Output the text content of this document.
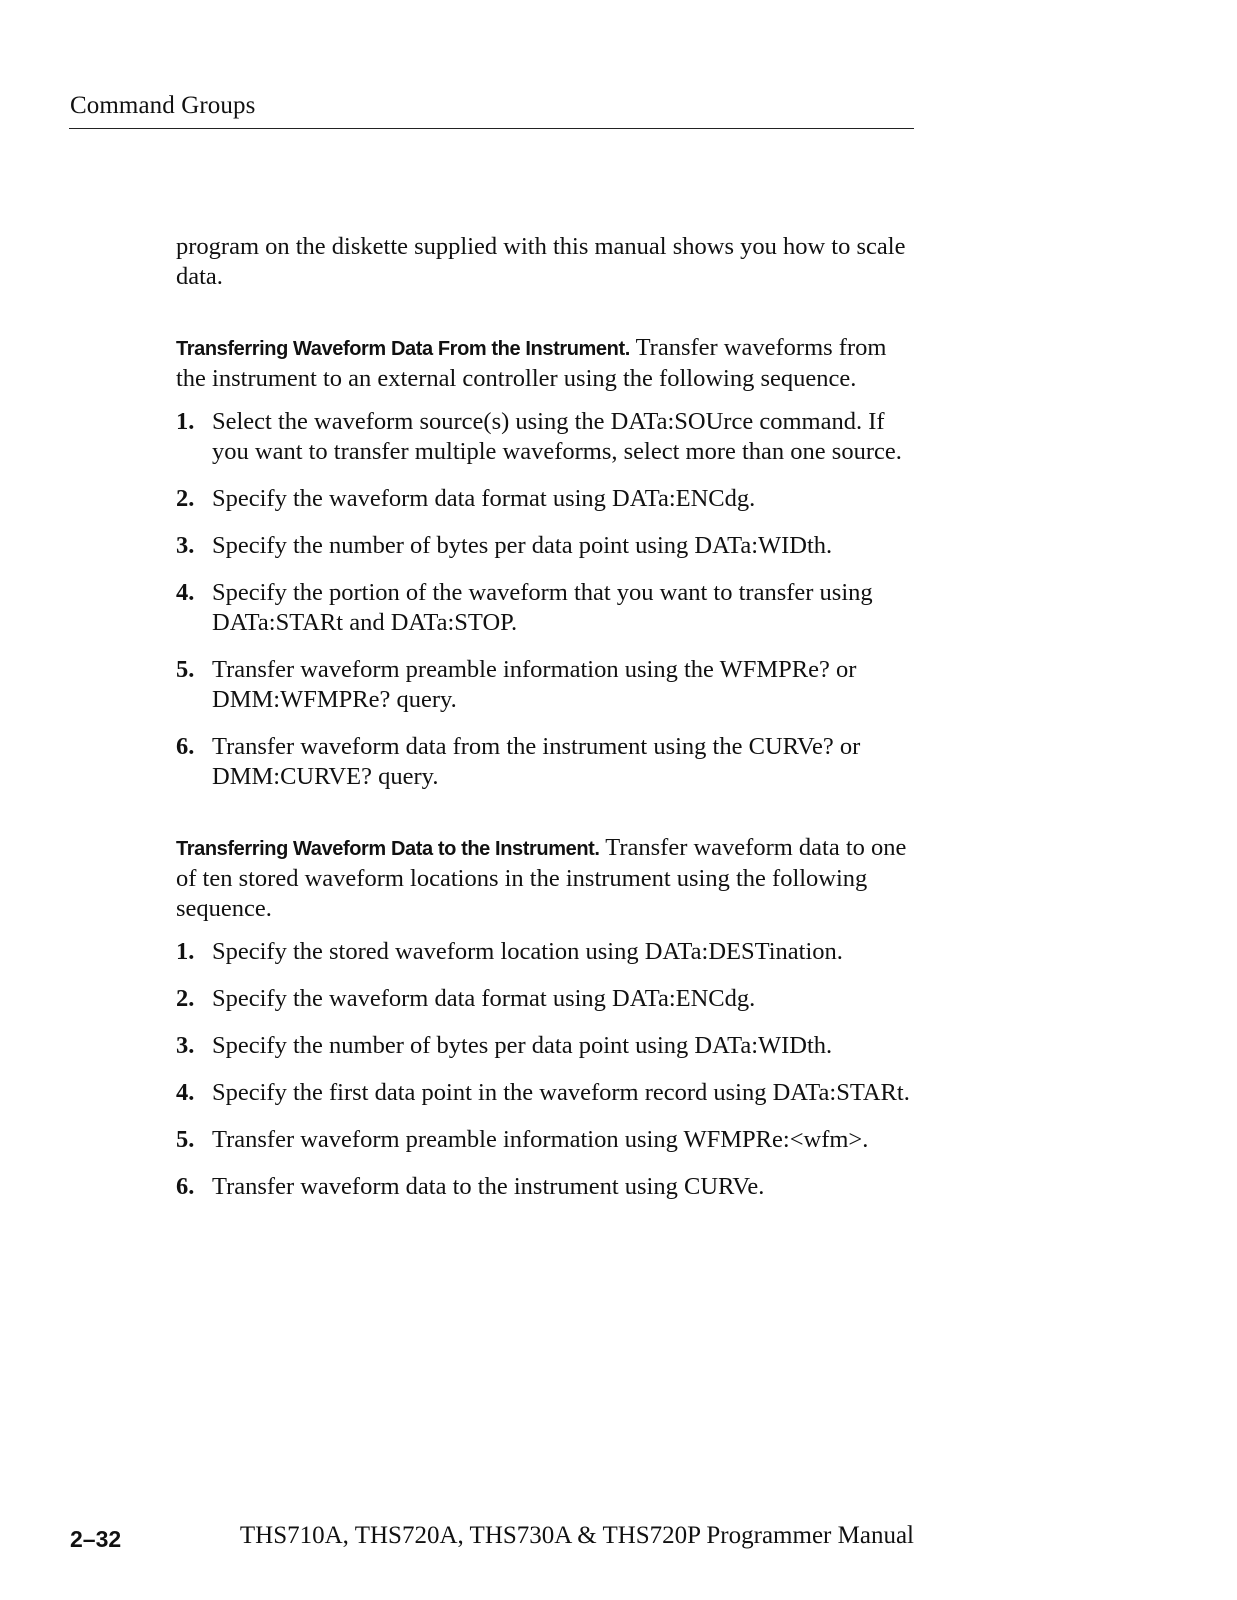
Command Groups

program on the diskette supplied with this manual shows you how to scale data.

Transferring Waveform Data From the Instrument. Transfer waveforms from the instrument to an external controller using the following sequence.

1. Select the waveform source(s) using the DATa:SOUrce command. If you want to transfer multiple waveforms, select more than one source.
2. Specify the waveform data format using DATa:ENCdg.
3. Specify the number of bytes per data point using DATa:WIDth.
4. Specify the portion of the waveform that you want to transfer using DATa:STARt and DATa:STOP.
5. Transfer waveform preamble information using the WFMPRe? or DMM:WFMPRe? query.
6. Transfer waveform data from the instrument using the CURVe? or DMM:CURVE? query.

Transferring Waveform Data to the Instrument. Transfer waveform data to one of ten stored waveform locations in the instrument using the following sequence.

1. Specify the stored waveform location using DATa:DESTination.
2. Specify the waveform data format using DATa:ENCdg.
3. Specify the number of bytes per data point using DATa:WIDth.
4. Specify the first data point in the waveform record using DATa:STARt.
5. Transfer waveform preamble information using WFMPRe:<wfm>.
6. Transfer waveform data to the instrument using CURVe.
2–32	THS710A, THS720A, THS730A & THS720P Programmer Manual
